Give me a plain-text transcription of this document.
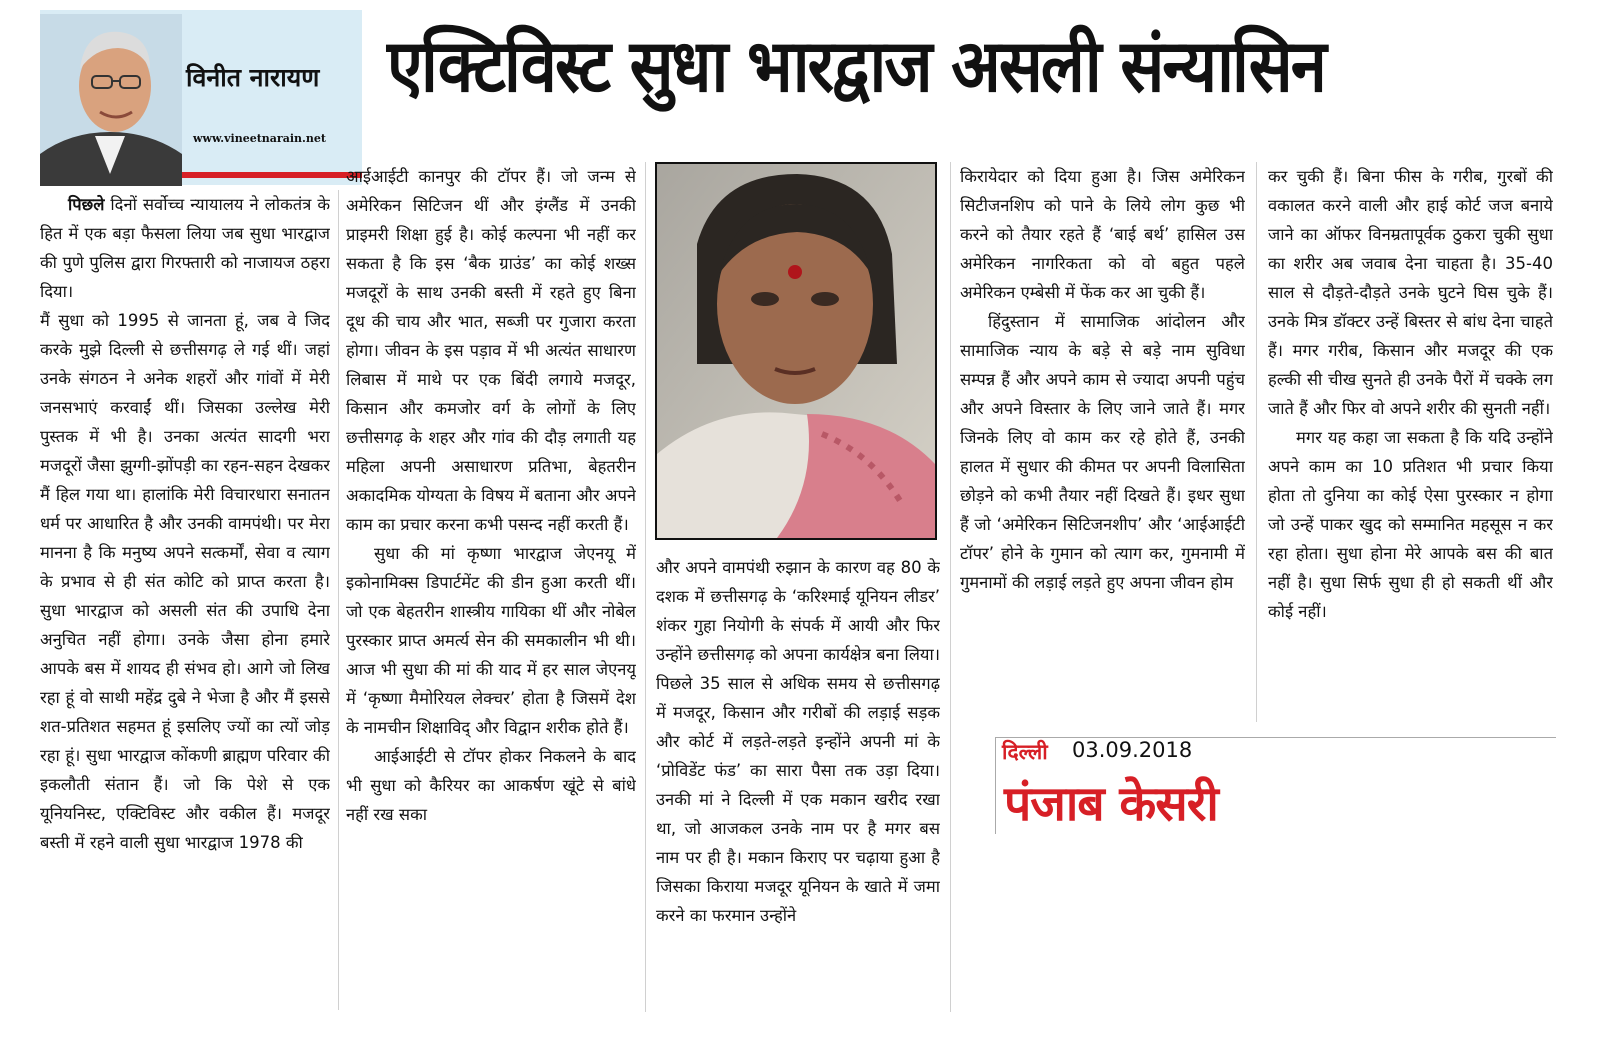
विनीत नारायण
www.vineetnarain.net
एक्टिविस्ट सुधा भारद्वाज असली संन्यासिन

पिछले दिनों सर्वोच्च न्यायालय ने लोकतंत्र के हित में एक बड़ा फैसला लिया जब सुधा भारद्वाज की पुणे पुलिस द्वारा गिरफ्तारी को नाजायज ठहरा दिया।

मैं सुधा को 1995 से जानता हूं, जब वे जिद करके मुझे दिल्ली से छत्तीसगढ़ ले गई थीं। जहां उनके संगठन ने अनेक शहरों और गांवों में मेरी जनसभाएं करवाईं थीं। जिसका उल्लेख मेरी पुस्तक में भी है। उनका अत्यंत सादगी भरा मजदूरों जैसा झुग्गी-झोंपड़ी का रहन-सहन देखकर मैं हिल गया था। हालांकि मेरी विचारधारा सनातन धर्म पर आधारित है और उनकी वामपंथी। पर मेरा मानना है कि मनुष्य अपने सत्कर्मों, सेवा व त्याग के प्रभाव से ही संत कोटि को प्राप्त करता है। सुधा भारद्वाज को असली संत की उपाधि देना अनुचित नहीं होगा। उनके जैसा होना हमारे आपके बस में शायद ही संभव हो। आगे जो लिख रहा हूं वो साथी महेंद्र दुबे ने भेजा है और मैं इससे शत-प्रतिशत सहमत हूं इसलिए ज्यों का त्यों जोड़ रहा हूं। सुधा भारद्वाज कोंकणी ब्राह्मण परिवार की इकलौती संतान हैं। जो कि पेशे से एक यूनियनिस्ट, एक्टिविस्ट और वकील हैं। मजदूर बस्ती में रहने वाली सुधा भारद्वाज 1978 की

आईआईटी कानपुर की टॉपर हैं। जो जन्म से अमेरिकन सिटिजन थीं और इंग्लैंड में उनकी प्राइमरी शिक्षा हुई है। कोई कल्पना भी नहीं कर सकता है कि इस ‘बैक ग्राउंड’ का कोई शख्स मजदूरों के साथ उनकी बस्ती में रहते हुए बिना दूध की चाय और भात, सब्जी पर गुजारा करता होगा। जीवन के इस पड़ाव में भी अत्यंत साधारण लिबास में माथे पर एक बिंदी लगाये मजदूर, किसान और कमजोर वर्ग के लोगों के लिए छत्तीसगढ़ के शहर और गांव की दौड़ लगाती यह महिला अपनी असाधारण प्रतिभा, बेहतरीन अकादमिक योग्यता के विषय में बताना और अपने काम का प्रचार करना कभी पसन्द नहीं करती हैं।

सुधा की मां कृष्णा भारद्वाज जेएनयू में इकोनामिक्स डिपार्टमेंट की डीन हुआ करती थीं। जो एक बेहतरीन शास्त्रीय गायिका थीं और नोबेल पुरस्कार प्राप्त अमर्त्य सेन की समकालीन भी थी। आज भी सुधा की मां की याद में हर साल जेएनयू में ‘कृष्णा मैमोरियल लेक्चर’ होता है जिसमें देश के नामचीन शिक्षाविद् और विद्वान शरीक होते हैं।

आईआईटी से टॉपर होकर निकलने के बाद भी सुधा को कैरियर का आकर्षण खूंटे से बांधे नहीं रख सका

और अपने वामपंथी रुझान के कारण वह 80 के दशक में छत्तीसगढ़ के ‘करिश्माई यूनियन लीडर’ शंकर गुहा नियोगी के संपर्क में आयी और फिर उन्होंने छत्तीसगढ़ को अपना कार्यक्षेत्र बना लिया। पिछले 35 साल से अधिक समय से छत्तीसगढ़ में मजदूर, किसान और गरीबों की लड़ाई सड़क और कोर्ट में लड़ते-लड़ते इन्होंने अपनी मां के ‘प्रोविडेंट फंड’ का सारा पैसा तक उड़ा दिया। उनकी मां ने दिल्ली में एक मकान खरीद रखा था, जो आजकल उनके नाम पर है मगर बस नाम पर ही है। मकान किराए पर चढ़ाया हुआ है जिसका किराया मजदूर यूनियन के खाते में जमा करने का फरमान उन्होंने

किरायेदार को दिया हुआ है। जिस अमेरिकन सिटीजनशिप को पाने के लिये लोग कुछ भी करने को तैयार रहते हैं ‘बाई बर्थ’ हासिल उस अमेरिकन नागरिकता को वो बहुत पहले अमेरिकन एम्बेसी में फेंक कर आ चुकी हैं।

हिंदुस्तान में सामाजिक आंदोलन और सामाजिक न्याय के बड़े से बड़े नाम सुविधा सम्पन्न हैं और अपने काम से ज्यादा अपनी पहुंच और अपने विस्तार के लिए जाने जाते हैं। मगर जिनके लिए वो काम कर रहे होते हैं, उनकी हालत में सुधार की कीमत पर अपनी विलासिता छोड़ने को कभी तैयार नहीं दिखते हैं। इधर सुधा हैं जो ‘अमेरिकन सिटिजनशीप’ और ‘आईआईटी टॉपर’ होने के गुमान को त्याग कर, गुमनामी में गुमनामों की लड़ाई लड़ते हुए अपना जीवन होम

कर चुकी हैं। बिना फीस के गरीब, गुरबों की वकालत करने वाली और हाई कोर्ट जज बनाये जाने का ऑफर विनम्रतापूर्वक ठुकरा चुकी सुधा का शरीर अब जवाब देना चाहता है। 35-40 साल से दौड़ते-दौड़ते उनके घुटने घिस चुके हैं। उनके मित्र डॉक्टर उन्हें बिस्तर से बांध देना चाहते हैं। मगर गरीब, किसान और मजदूर की एक हल्की सी चीख सुनते ही उनके पैरों में चक्के लग जाते हैं और फिर वो अपने शरीर की सुनती नहीं।

मगर यह कहा जा सकता है कि यदि उन्होंने अपने काम का 10 प्रतिशत भी प्रचार किया होता तो दुनिया का कोई ऐसा पुरस्कार न होगा जो उन्हें पाकर खुद को सम्मानित महसूस न कर रहा होता। सुधा होना मेरे आपके बस की बात नहीं है। सुधा सिर्फ सुधा ही हो सकती थीं और कोई नहीं।

दिल्ली 03.09.2018
पंजाब केसरी
